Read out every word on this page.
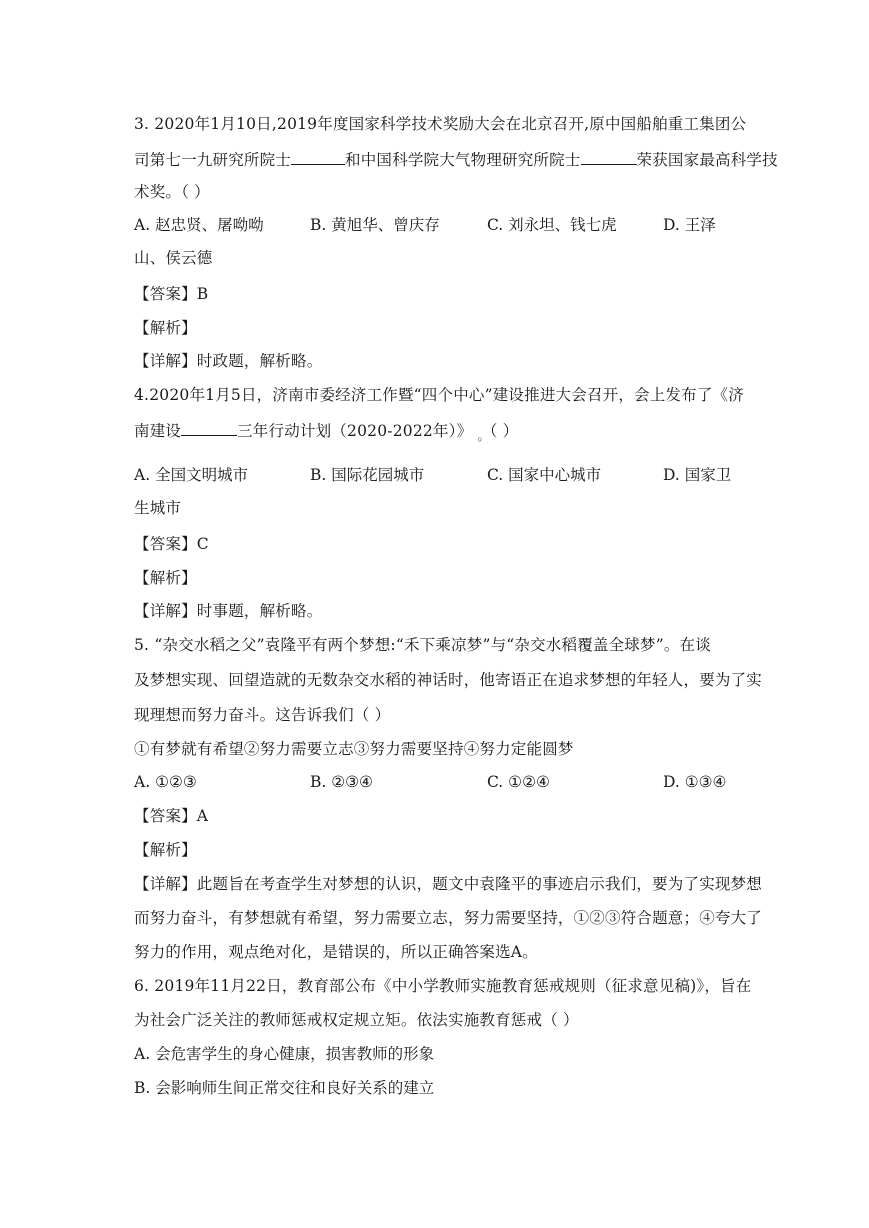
3. 2020年1月10日,2019年度国家科学技术奖励大会在北京召开,原中国船舶重工集团公
司第七一九研究所院士	和中国科学院大气物理研究所院士	荣获国家最高科学技
术奖。（ ）
A. 赵忠贤、屠呦呦	B. 黄旭华、曾庆存	C. 刘永坦、钱七虎	D. 王泽
山、侯云德
【答案】B
【解析】
【详解】时政题，解析略。
4.2020年1月5日，济南市委经济工作暨“四个中心”建设推进大会召开，会上发布了《济
南建设	三年行动计划（2020-2022年）》 $_。$（ ）
A. 全国文明城市	B. 国际花园城市	C. 国家中心城市	D. 国家卫
生城市
【答案】C
【解析】
【详解】时事题，解析略。
5. “杂交水稻之父”袁隆平有两个梦想:“禾下乘凉梦”与“杂交水稻覆盖全球梦”。在谈
及梦想实现、回望造就的无数杂交水稻的神话时，他寄语正在追求梦想的年轻人，要为了实
现理想而努力奋斗。这告诉我们（ ）
①有梦就有希望②努力需要立志③努力需要坚持④努力定能圆梦
A. ①②③	B. ②③④	C. ①②④	D. ①③④
【答案】A
【解析】
【详解】此题旨在考查学生对梦想的认识，题文中袁隆平的事迹启示我们，要为了实现梦想
而努力奋斗，有梦想就有希望，努力需要立志，努力需要坚持，①②③符合题意；④夸大了
努力的作用，观点绝对化，是错误的，所以正确答案选A。
6. 2019年11月22日，教育部公布《中小学教师实施教育惩戒规则（征求意见稿)》，旨在
为社会广泛关注的教师惩戒权定规立矩。依法实施教育惩戒（ ）
A. 会危害学生的身心健康，损害教师的形象
B. 会影响师生间正常交往和良好关系的建立
